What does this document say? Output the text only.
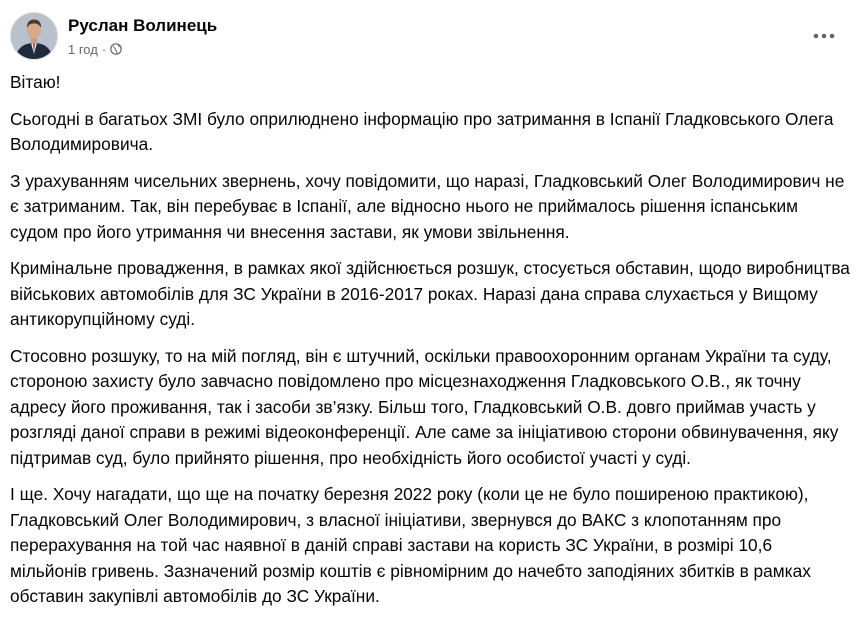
Руслан Волинець
1 год ·

Вітаю!

Сьогодні в багатьох ЗМІ було оприлюднено інформацію про затримання в Іспанії Гладковського Олега Володимировича.

З урахуванням чисельних звернень, хочу повідомити, що наразі, Гладковський Олег Володимирович не є затриманим. Так, він перебуває в Іспанії, але відносно нього не приймалось рішення іспанським судом про його утримання чи внесення застави, як умови звільнення.

Кримінальне провадження, в рамках якої здійснюється розшук, стосується обставин, щодо виробництва військових автомобілів для ЗС України в 2016-2017 роках. Наразі дана справа слухається у Вищому антикорупційному суді.

Стосовно розшуку, то на мій погляд, він є штучний, оскільки правоохоронним органам України та суду, стороною захисту було завчасно повідомлено про місцезнаходження Гладковського О.В., як точну адресу його проживання, так і засоби зв’язку. Більш того, Гладковський О.В. довго приймав участь у розгляді даної справи в режимі відеоконференції. Але саме за ініціативою сторони обвинувачення, яку підтримав суд, було прийнято рішення, про необхідність його особистої участі у суді.

І ще. Хочу нагадати, що ще на початку березня 2022 року (коли це не було поширеною практикою), Гладковський Олег Володимирович, з власної ініціативи, звернувся до ВАКС з клопотанням про перерахування на той час наявної в даній справі застави на користь ЗС України, в розмірі 10,6 мільйонів гривень. Зазначений розмір коштів є рівномірним до начебто заподіяних збитків в рамках обставин закупівлі автомобілів до ЗС України.
